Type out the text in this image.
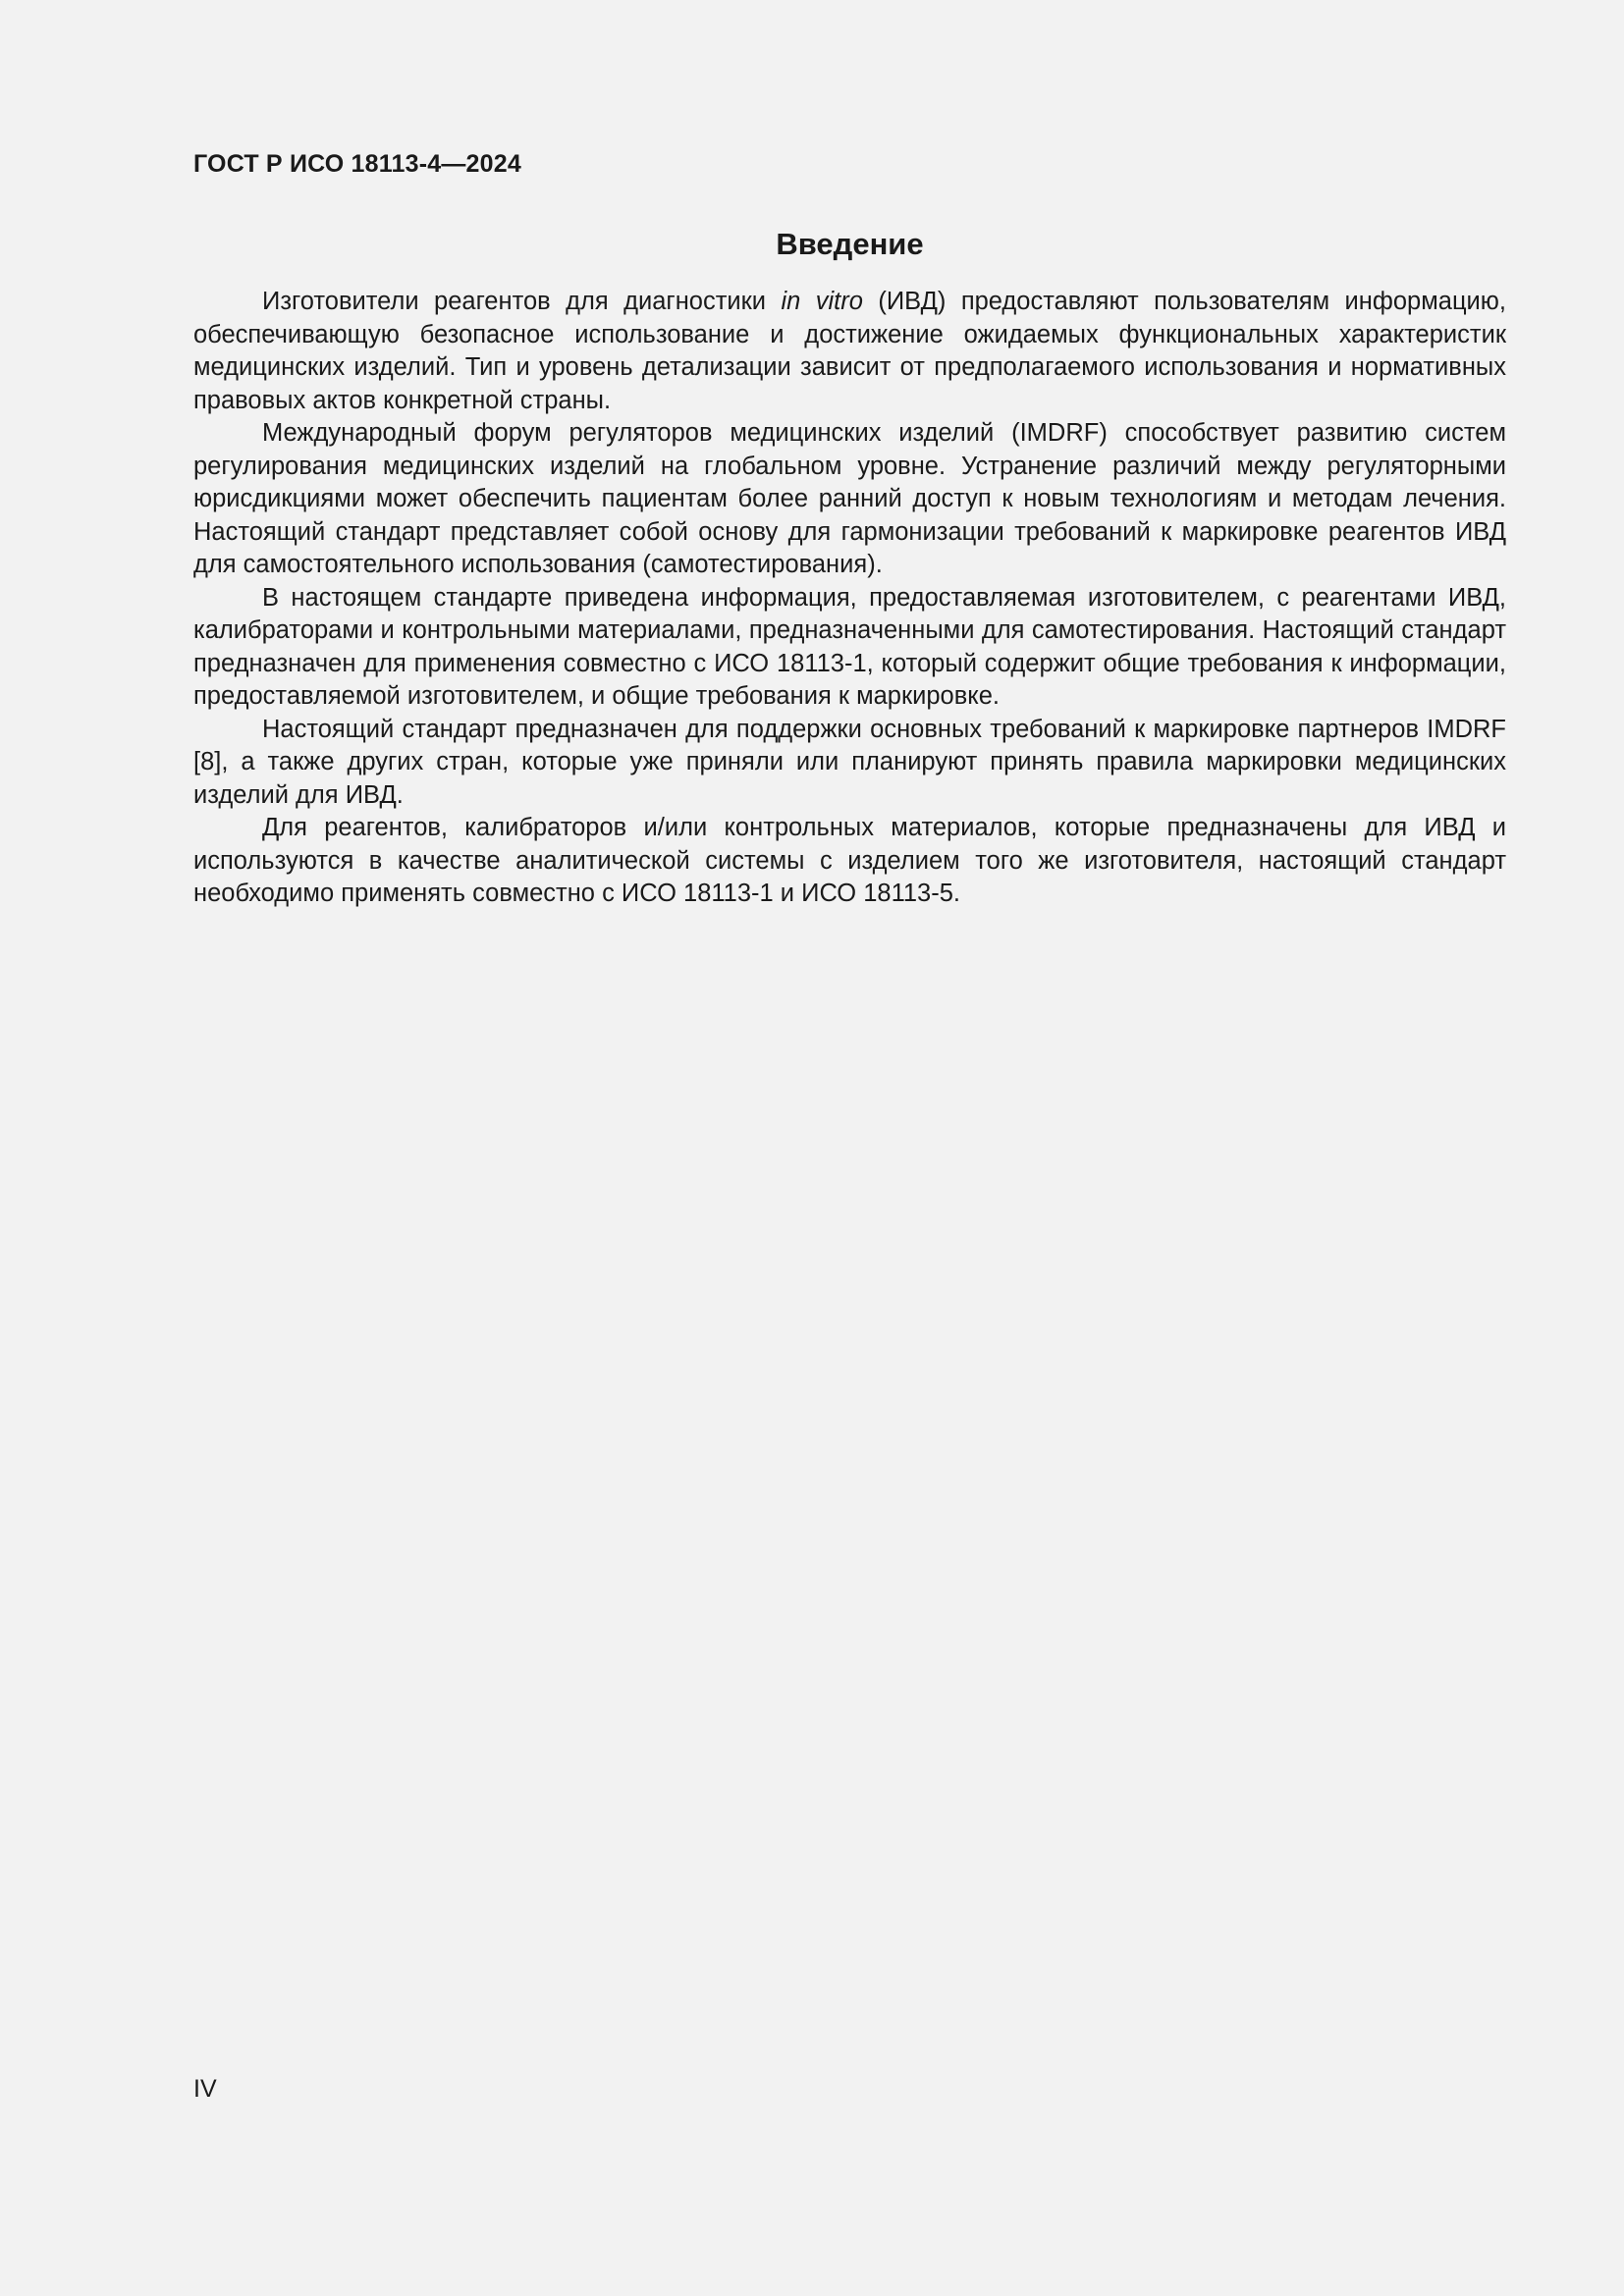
ГОСТ Р ИСО 18113-4—2024
Введение

Изготовители реагентов для диагностики in vitro (ИВД) предоставляют пользователям информацию, обеспечивающую безопасное использование и достижение ожидаемых функциональных характеристик медицинских изделий. Тип и уровень детализации зависит от предполагаемого использования и нормативных правовых актов конкретной страны.

Международный форум регуляторов медицинских изделий (IMDRF) способствует развитию систем регулирования медицинских изделий на глобальном уровне. Устранение различий между регуляторными юрисдикциями может обеспечить пациентам более ранний доступ к новым технологиям и методам лечения. Настоящий стандарт представляет собой основу для гармонизации требований к маркировке реагентов ИВД для самостоятельного использования (самотестирования).

В настоящем стандарте приведена информация, предоставляемая изготовителем, с реагентами ИВД, калибраторами и контрольными материалами, предназначенными для самотестирования. Настоящий стандарт предназначен для применения совместно с ИСО 18113-1, который содержит общие требования к информации, предоставляемой изготовителем, и общие требования к маркировке.

Настоящий стандарт предназначен для поддержки основных требований к маркировке партнеров IMDRF [8], а также других стран, которые уже приняли или планируют принять правила маркировки медицинских изделий для ИВД.

Для реагентов, калибраторов и/или контрольных материалов, которые предназначены для ИВД и используются в качестве аналитической системы с изделием того же изготовителя, настоящий стандарт необходимо применять совместно с ИСО 18113-1 и ИСО 18113-5.

IV
